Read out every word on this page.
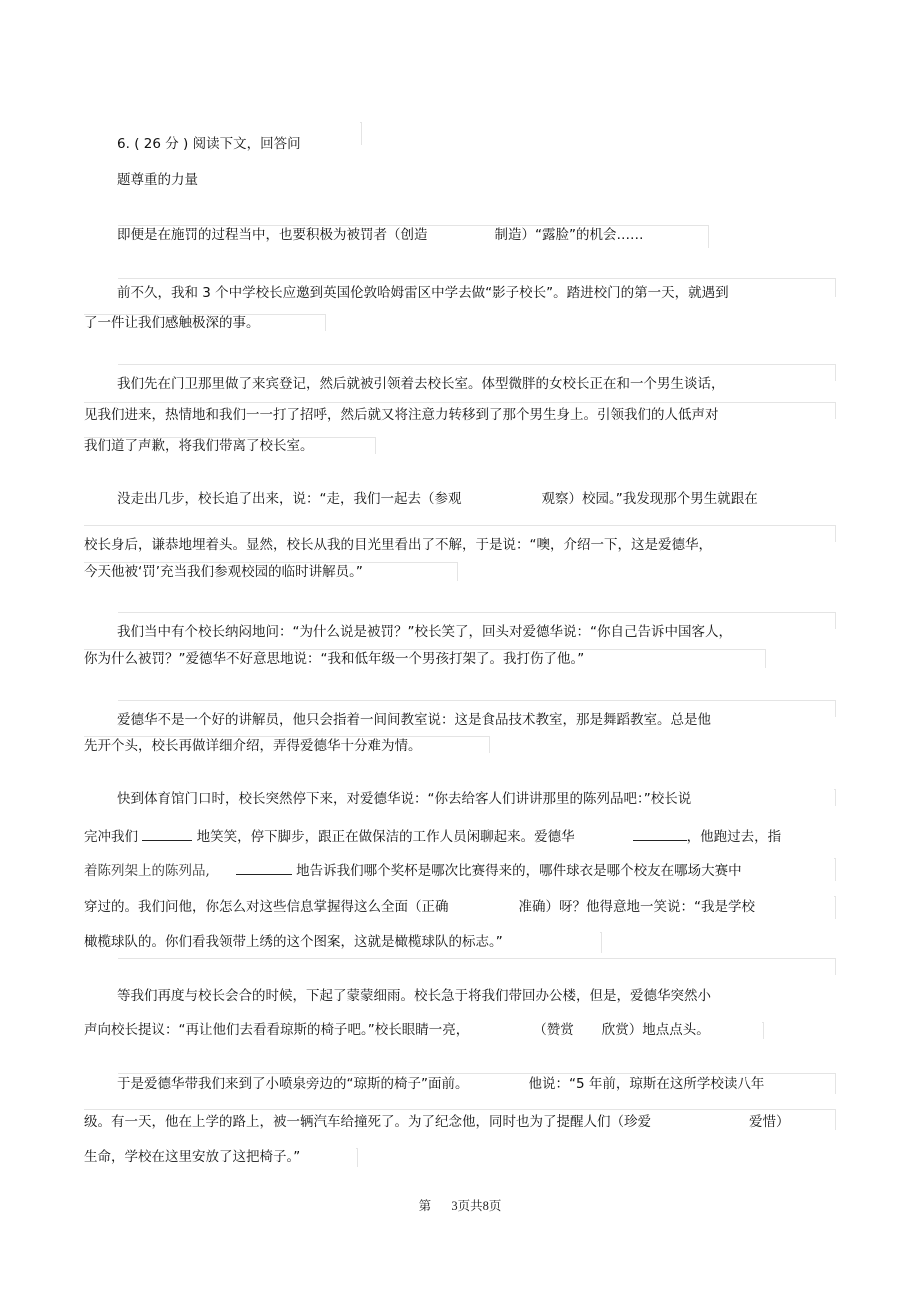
6. ( 26 分 ) 阅读下文，回答问
题尊重的力量
即便是在施罚的过程当中，也要积极为被罚者（创造	制造）“露脸”的机会……
前不久，我和 3 个中学校长应邀到英国伦敦哈姆雷区中学去做“影子校长”。踏进校门的第一天，就遇到
了一件让我们感触极深的事。
我们先在门卫那里做了来宾登记，然后就被引领着去校长室。体型微胖的女校长正在和一个男生谈话，
见我们进来，热情地和我们一一打了招呼，然后就又将注意力转移到了那个男生身上。引领我们的人低声对
我们道了声歉，将我们带离了校长室。
没走出几步，校长追了出来，说：“走，我们一起去（参观	观察）校园。”我发现那个男生就跟在
校长身后，谦恭地埋着头。显然，校长从我的目光里看出了不解，于是说：“噢，介绍一下，这是爱德华，
今天他被‘罚’充当我们参观校园的临时讲解员。”
我们当中有个校长纳闷地问：“为什么说是被罚？”校长笑了，回头对爱德华说：“你自己告诉中国客人，
你为什么被罚？”爱德华不好意思地说：“我和低年级一个男孩打架了。我打伤了他。”
爱德华不是一个好的讲解员，他只会指着一间间教室说：这是食品技术教室，那是舞蹈教室。总是他
先开个头，校长再做详细介绍，弄得爱德华十分难为情。
快到体育馆门口时，校长突然停下来，对爱德华说：“你去给客人们讲讲那里的陈列品吧：”校长说
完冲我们	地笑笑，停下脚步，跟正在做保洁的工作人员闲聊起来。爱德华	，他跑过去，指
着陈列架上的陈列品,	地告诉我们哪个奖杯是哪次比赛得来的，哪件球衣是哪个校友在哪场大赛中
穿过的。我们问他，你怎么对这些信息掌握得这么全面（正确	准确）呀？他得意地一笑说：“我是学校
橄榄球队的。你们看我领带上绣的这个图案，这就是橄榄球队的标志。”
等我们再度与校长会合的时候，下起了蒙蒙细雨。校长急于将我们带回办公楼，但是，爱德华突然小
声向校长提议：“再让他们去看看琼斯的椅子吧。”校长眼睛一亮，	（赞赏 欣赏）地点点头。
于是爱德华带我们来到了小喷泉旁边的“琼斯的椅子”面前。	他说：“5 年前，琼斯在这所学校读八年
级。有一天，他在上学的路上，被一辆汽车给撞死了。为了纪念他，同时也为了提醒人们（珍爱	爱惜）
生命，学校在这里安放了这把椅子。”
第 3页共8页
